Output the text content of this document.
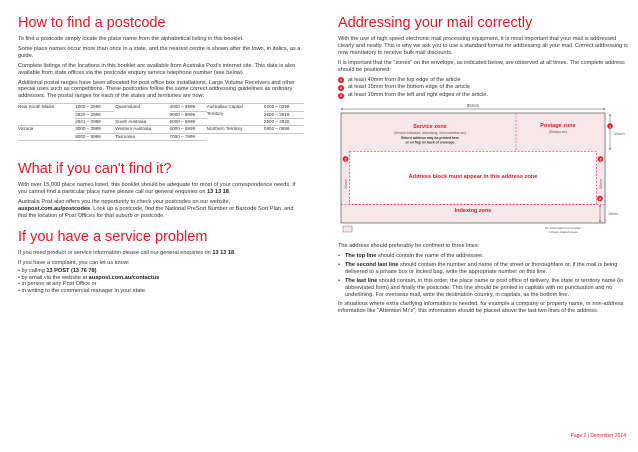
How to find a postcode

To find a postcode simply locate the place name from the alphabetical listing in this booklet.

Some place names occur more than once in a state, and the nearest centre is shown after the town, in italics, as a guide.

Complete listings of the locations in this booklet are available from Australia Post's internet site. This data is also available from state offices via the postcode enquiry service telephone number (see below).

Additional postal ranges have been allocated for post office box installations, Large Volume Receivers and other special uses such as competitions. These postcodes follow the same correct addressing guidelines as ordinary addresses. The postal ranges for each of the states and territories are now:

New South Wales	1000 – 2599	Queensland	4000 – 4999	Australian Capital	0200 – 0299
	2620 – 2899		9000 – 9999	Territory	2600 – 2619
	2921 – 2999	South Australia	5000 – 5999		2900 – 2920
Victoria	3000 – 3999	Western Australia	6000 – 6999	Northern Territory	0800 – 0999
	8000 – 8999	Tasmania	7000 – 7999		
What if you can't find it?

With over 15,000 place names listed, this booklet should be adequate for most of your correspondence needs. If you cannot find a particular place name please call our general enquiries on 13 13 18.

Australia Post also offers you the opportunity to check your postcodes on our website, auspost.com.au/postcodes. Look up a postcode, find the National PreSort Number or Barcode Sort Plan, and find the location of Post Offices for that suburb or postcode.

If you have a service problem

If you need product or service information please call our general enquiries on 13 13 18.

If you have a complaint, you can let us know:

• by calling 13 POST (13 76 78)
• by email via the website at auspost.com.au/contactus
• in person at any Post Office or
• in writing to the commercial manager in your state.
Addressing your mail correctly

With the use of high speed electronic mail processing equipment, it is most important that your mail is addressed clearly and neatly. This is why we ask you to use a standard format for addressing all your mail. Correct addressing is now mandatory to receive bulk mail discounts.

It is important that the "zones" on the envelope, as indicated below, are observed at all times. The complete address should be positioned:

1	at least 40mm from the top edge of the article
2	at least 15mm from the bottom edge of the article
3	at least 10mm from the left and right edges of the article.
85mm
Service zone
(Service indicators, advertising, return address etc)
Return address may be printed here
or on flap on back of envelope
Postage zone
(Stamps etc)
1
40mm
3
10mm
3
10mm
Address block must appear in this address zone
Indexing zone
2
15mm
No information is permitted
in these shaded areas

The address should preferably be confined to three lines:

• The top line should contain the name of the addressee.
• The second last line should contain the number and name of the street or thoroughfare or, if the mail is being delivered to a private box or locked bag, write the appropriate number on this line.
• The last line should contain, in this order, the place name or post office of delivery, the state or territory name (in abbreviated form) and finally the postcode. This line should be printed in capitals with no punctuation and no underlining. For overseas mail, write the destination country, in capitals, as the bottom line.

In situations where extra clarifying information is needed, for example a company or property name, or non-address information like "Attention Mr's", this information should be placed above the last two lines of the address.

Page 2 | December 2014
